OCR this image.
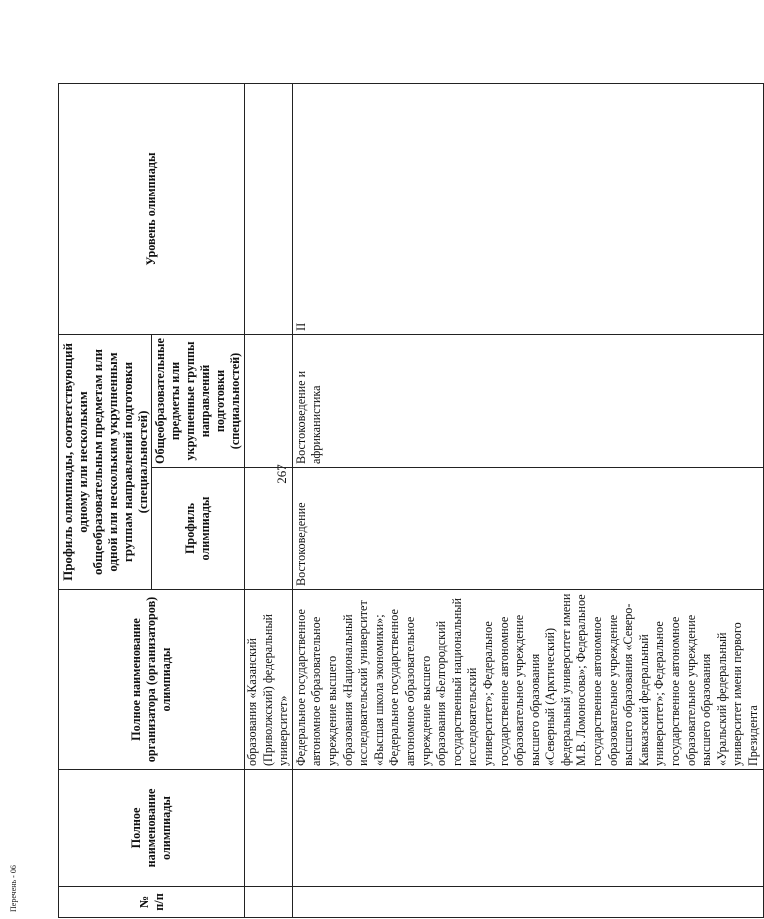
267
Перечень - 06	№ п/п	Полное наименование олимпиады	Полное наименование организатора (организаторов) олимпиады	Профиль олимпиады, соответствующий одному или нескольким общеобразовательным предметам или одной или нескольким укрупненным группам направлений подготовки (специальностей)		Уровень олимпиады
			Профиль олимпиады	Общеобразовательные предметы или укрупненные группы направлений подготовки (специальностей)	
		образования «Казанский (Приволжский) федеральный университет»			
		Федеральное государственное автономное образовательное учреждение высшего образования «Национальный исследовательский университет «Высшая школа экономики»; Федеральное государственное автономное образовательное учреждение высшего образования «Белгородский государственный национальный исследовательский университет»; Федеральное государственное автономное образовательное учреждение высшего образования «Северный (Арктический) федеральный университет имени М.В. Ломоносова»; Федеральное государственное автономное образовательное учреждение высшего образования «Северо-Кавказский федеральный университет»; Федеральное государственное автономное образовательное учреждение высшего образования «Уральский федеральный университет имени первого Президента	Востоковедение	Востоковедение и африканистика	II
